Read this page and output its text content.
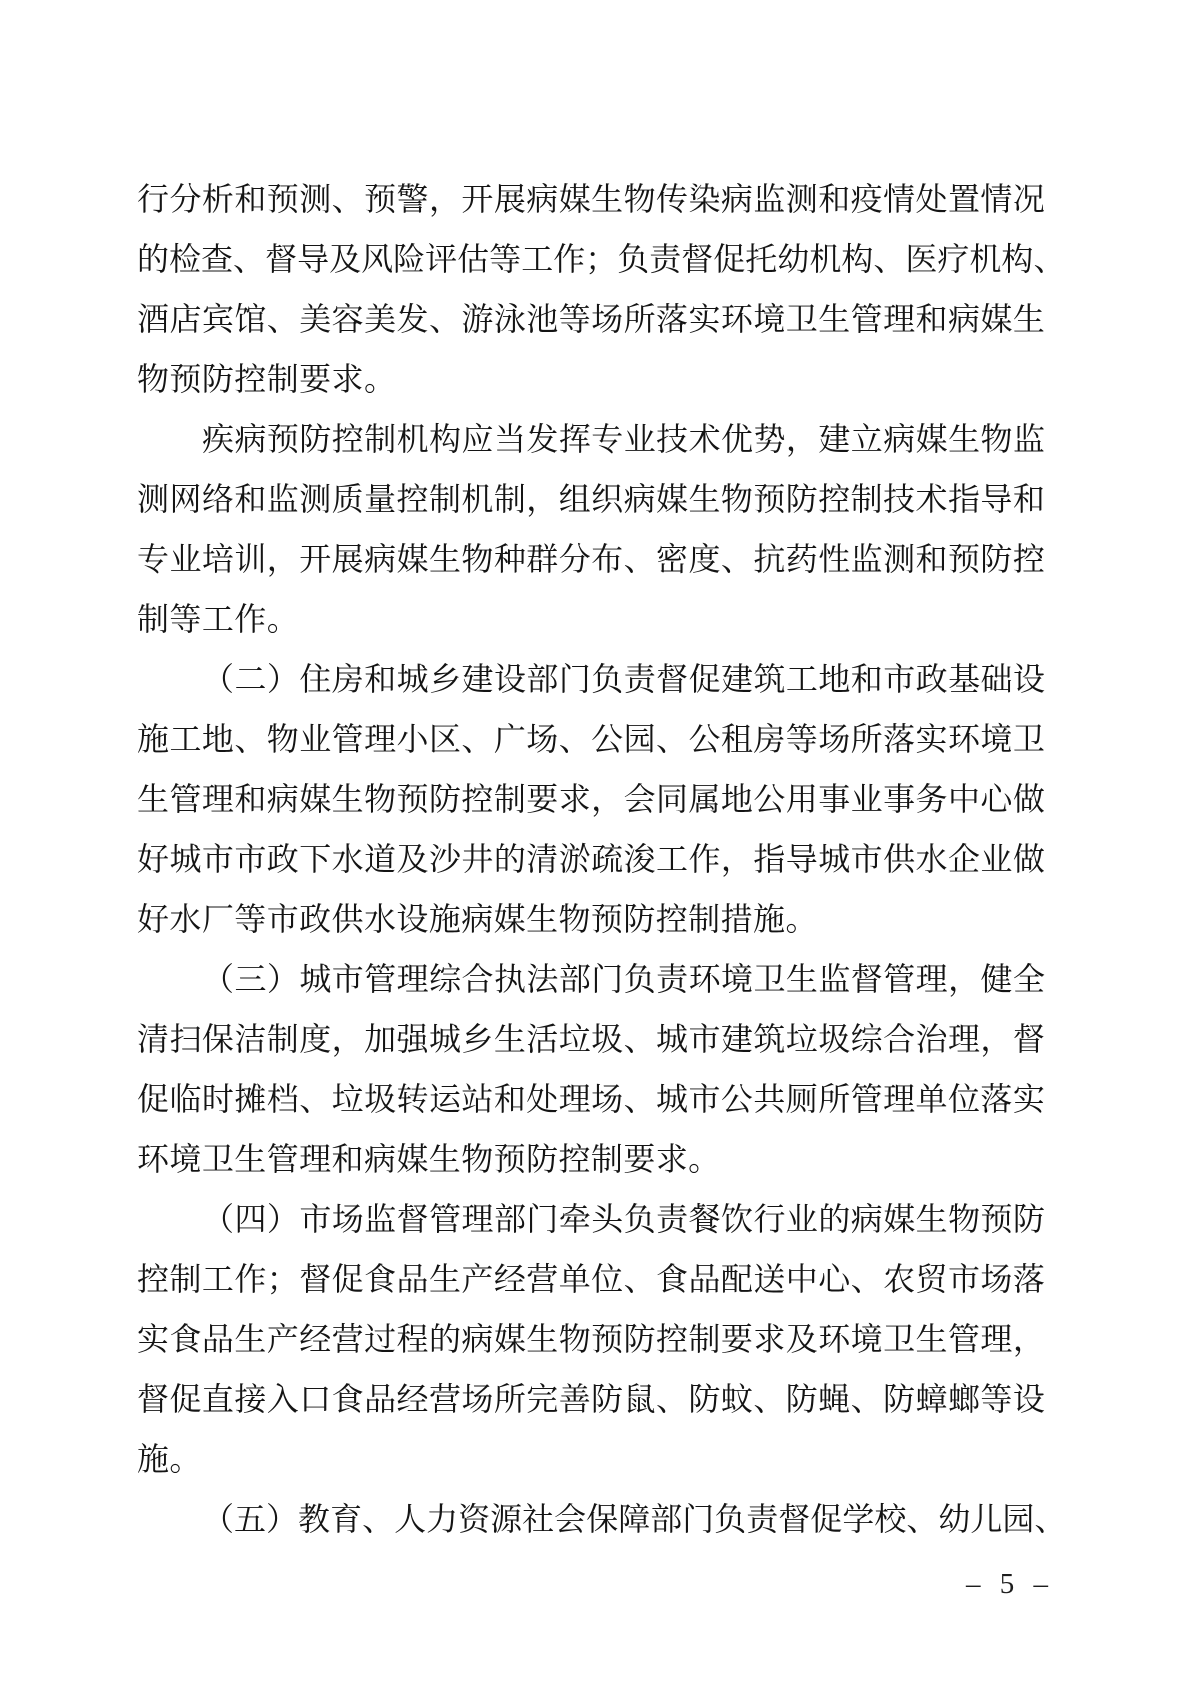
行 分 析 和 预 测 、 预 警 ， 开 展 病 媒 生 物 传 染 病 监 测 和 疫 情 处 置 情 况
的 检 查 、 督 导 及 风 险 评 估 等 工 作 ； 负 责 督 促 托 幼 机 构 、 医 疗 机 构 、
酒 店 宾 馆 、 美 容 美 发 、 游 泳 池 等 场 所 落 实 环 境 卫 生 管 理 和 病 媒 生
物 预 防 控 制 要 求 。
疾 病 预 防 控 制 机 构 应 当 发 挥 专 业 技 术 优 势 ， 建 立 病 媒 生 物 监
测 网 络 和 监 测 质 量 控 制 机 制 ， 组 织 病 媒 生 物 预 防 控 制 技 术 指 导 和
专 业 培 训 ， 开 展 病 媒 生 物 种 群 分 布 、 密 度 、 抗 药 性 监 测 和 预 防 控
制 等 工 作 。
（ 二 ） 住 房 和 城 乡 建 设 部 门 负 责 督 促 建 筑 工 地 和 市 政 基 础 设
施 工 地 、 物 业 管 理 小 区 、 广 场 、 公 园 、 公 租 房 等 场 所 落 实 环 境 卫
生 管 理 和 病 媒 生 物 预 防 控 制 要 求 ， 会 同 属 地 公 用 事 业 事 务 中 心 做
好 城 市 市 政 下 水 道 及 沙 井 的 清 淤 疏 浚 工 作 ， 指 导 城 市 供 水 企 业 做
好 水 厂 等 市 政 供 水 设 施 病 媒 生 物 预 防 控 制 措 施 。
（ 三 ） 城 市 管 理 综 合 执 法 部 门 负 责 环 境 卫 生 监 督 管 理 ， 健 全
清 扫 保 洁 制 度 ， 加 强 城 乡 生 活 垃 圾 、 城 市 建 筑 垃 圾 综 合 治 理 ， 督
促 临 时 摊 档 、 垃 圾 转 运 站 和 处 理 场 、 城 市 公 共 厕 所 管 理 单 位 落 实
环 境 卫 生 管 理 和 病 媒 生 物 预 防 控 制 要 求 。
（ 四 ） 市 场 监 督 管 理 部 门 牵 头 负 责 餐 饮 行 业 的 病 媒 生 物 预 防
控 制 工 作 ； 督 促 食 品 生 产 经 营 单 位 、 食 品 配 送 中 心 、 农 贸 市 场 落
实 食 品 生 产 经 营 过 程 的 病 媒 生 物 预 防 控 制 要 求 及 环 境 卫 生 管 理 ，
督 促 直 接 入 口 食 品 经 营 场 所 完 善 防 鼠 、 防 蚊 、 防 蝇 、 防 蟑 螂 等 设
施 。
（ 五 ） 教 育 、 人 力 资 源 社 会 保 障 部 门 负 责 督 促 学 校 、 幼 儿 园 、
– 5 –
